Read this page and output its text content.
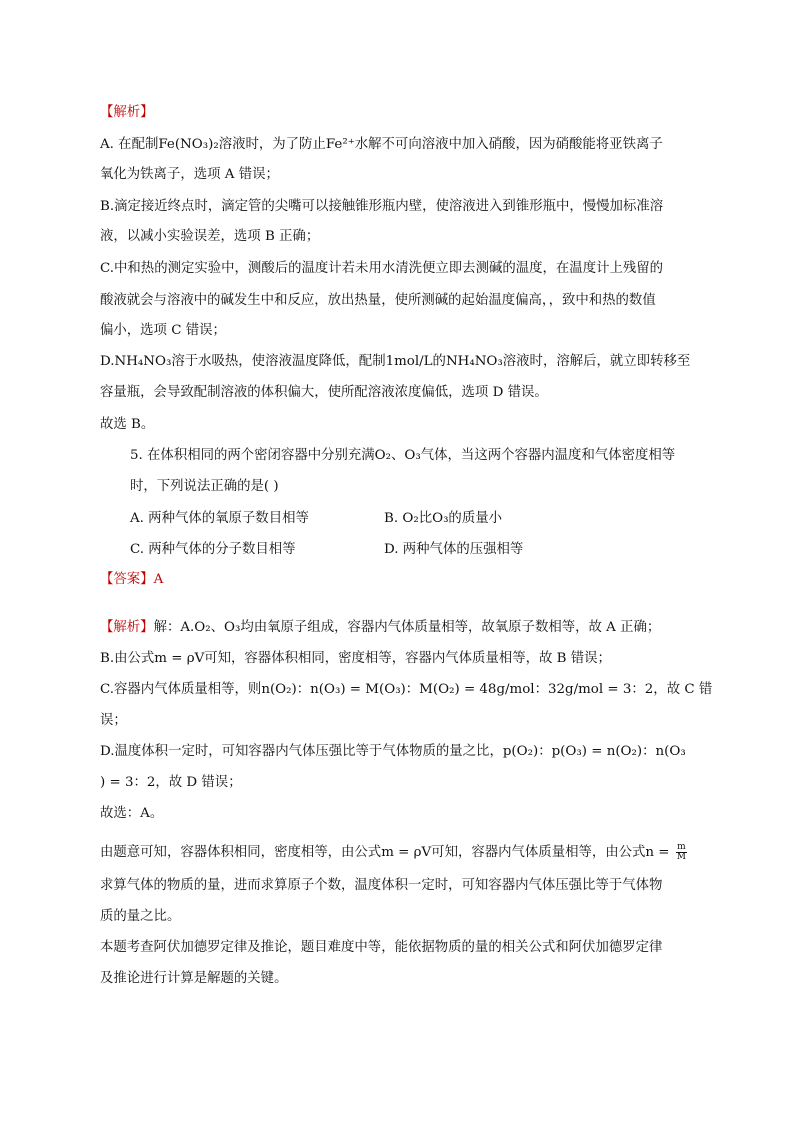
【解析】
A. 在配制Fe(NO₃)₂溶液时，为了防止Fe²⁺水解不可向溶液中加入硝酸，因为硝酸能将亚铁离子
氧化为铁离子，选项 A 错误；
B.滴定接近终点时，滴定管的尖嘴可以接触锥形瓶内壁，使溶液进入到锥形瓶中，慢慢加标准溶
液，以减小实验误差，选项 B 正确；
C.中和热的测定实验中，测酸后的温度计若未用水清洗便立即去测碱的温度，在温度计上残留的
酸液就会与溶液中的碱发生中和反应，放出热量，使所测碱的起始温度偏高，，致中和热的数值
偏小，选项 C 错误；
D.NH₄NO₃溶于水吸热，使溶液温度降低，配制1mol/L的NH₄NO₃溶液时，溶解后，就立即转移至
容量瓶，会导致配制溶液的体积偏大，使所配溶液浓度偏低，选项 D 错误。
故选 B。
5. 在体积相同的两个密闭容器中分别充满O₂、O₃气体，当这两个容器内温度和气体密度相等
时，下列说法正确的是( )
A. 两种气体的氧原子数目相等	B. O₂比O₃的质量小
C. 两种气体的分子数目相等	D. 两种气体的压强相等
【答案】A
【解析】解：A.O₂、O₃均由氧原子组成，容器内气体质量相等，故氧原子数相等，故 A 正确；
B.由公式m = ρV可知，容器体积相同，密度相等，容器内气体质量相等，故 B 错误；
C.容器内气体质量相等，则n(O₂)：n(O₃) = M(O₃)：M(O₂) = 48g/mol：32g/mol = 3：2，故 C 错
误；
D.温度体积一定时，可知容器内气体压强比等于气体物质的量之比，p(O₂)：p(O₃) = n(O₂)：n(O₃
) = 3：2，故 D 错误；
故选：A。
由题意可知，容器体积相同，密度相等，由公式m = ρV可知，容器内气体质量相等，由公式$n = \frac{m}{M}$
求算气体的物质的量，进而求算原子个数，温度体积一定时，可知容器内气体压强比等于气体物
质的量之比。
本题考查阿伏加德罗定律及推论，题目难度中等，能依据物质的量的相关公式和阿伏加德罗定律
及推论进行计算是解题的关键。
